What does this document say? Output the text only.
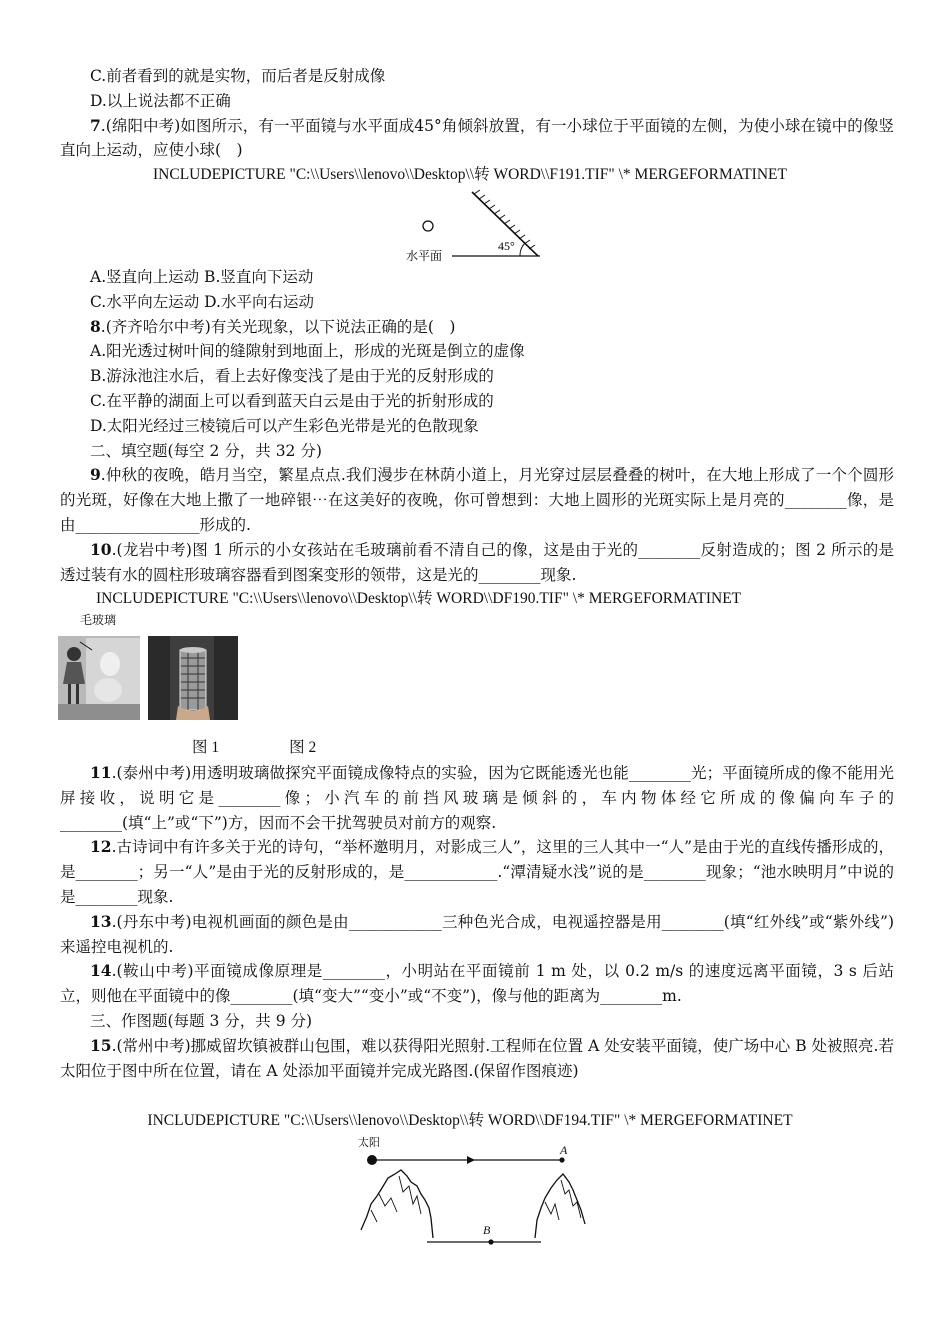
C.前者看到的就是实物，而后者是反射成像
D.以上说法都不正确
7.(绵阳中考)如图所示，有一平面镜与水平面成45°角倾斜放置，有一小球位于平面镜的左侧，为使小球在镜中的像竖直向上运动，应使小球(　)
INCLUDEPICTURE "C:\\Users\\lenovo\\Desktop\\转 WORD\\F191.TIF" \* MERGEFORMATINET
A.竖直向上运动 B.竖直向下运动
C.水平向左运动 D.水平向右运动
8.(齐齐哈尔中考)有关光现象，以下说法正确的是(　)
A.阳光透过树叶间的缝隙射到地面上，形成的光斑是倒立的虚像
B.游泳池注水后，看上去好像变浅了是由于光的反射形成的
C.在平静的湖面上可以看到蓝天白云是由于光的折射形成的
D.太阳光经过三棱镜后可以产生彩色光带是光的色散现象
二、填空题(每空 2 分，共 32 分)
9.仲秋的夜晚，皓月当空，繁星点点.我们漫步在林荫小道上，月光穿过层层叠叠的树叶，在大地上形成了一个个圆形的光斑，好像在大地上撒了一地碎银⋯在这美好的夜晚，你可曾想到：大地上圆形的光斑实际上是月亮的________像，是由________________形成的.
10.(龙岩中考)图 1 所示的小女孩站在毛玻璃前看不清自己的像，这是由于光的________反射造成的；图 2 所示的是透过装有水的圆柱形玻璃容器看到图案变形的领带，这是光的________现象.
INCLUDEPICTURE "C:\\Users\\lenovo\\Desktop\\转 WORD\\DF190.TIF" \* MERGEFORMATINET
图 1	图 2
11.(泰州中考)用透明玻璃做探究平面镜成像特点的实验，因为它既能透光也能________光；平面镜所成的像不能用光屏接收，说明它是________像；小汽车的前挡风玻璃是倾斜的，车内物体经它所成的像偏向车子的________(填“上”或“下”)方，因而不会干扰驾驶员对前方的观察.
12.古诗词中有许多关于光的诗句，“举杯邀明月，对影成三人”，这里的三人其中一“人”是由于光的直线传播形成的，是________；另一“人”是由于光的反射形成的，是____________.“潭清疑水浅”说的是________现象；“池水映明月”中说的是________现象.
13.(丹东中考)电视机画面的颜色是由____________三种色光合成，电视遥控器是用________(填“红外线”或“紫外线”)来遥控电视机的.
14.(鞍山中考)平面镜成像原理是________，小明站在平面镜前 1 m 处，以 0.2 m/s 的速度远离平面镜，3 s 后站立，则他在平面镜中的像________(填“变大”“变小”或“不变”)，像与他的距离为________m.
三、作图题(每题 3 分，共 9 分)
15.(常州中考)挪威留坎镇被群山包围，难以获得阳光照射.工程师在位置 A 处安装平面镜，使广场中心 B 处被照亮.若太阳位于图中所在位置，请在 A 处添加平面镜并完成光路图.(保留作图痕迹)
INCLUDEPICTURE "C:\\Users\\lenovo\\Desktop\\转 WORD\\DF194.TIF" \* MERGEFORMATINET
45°
水平面
毛玻璃
太阳
A
B
